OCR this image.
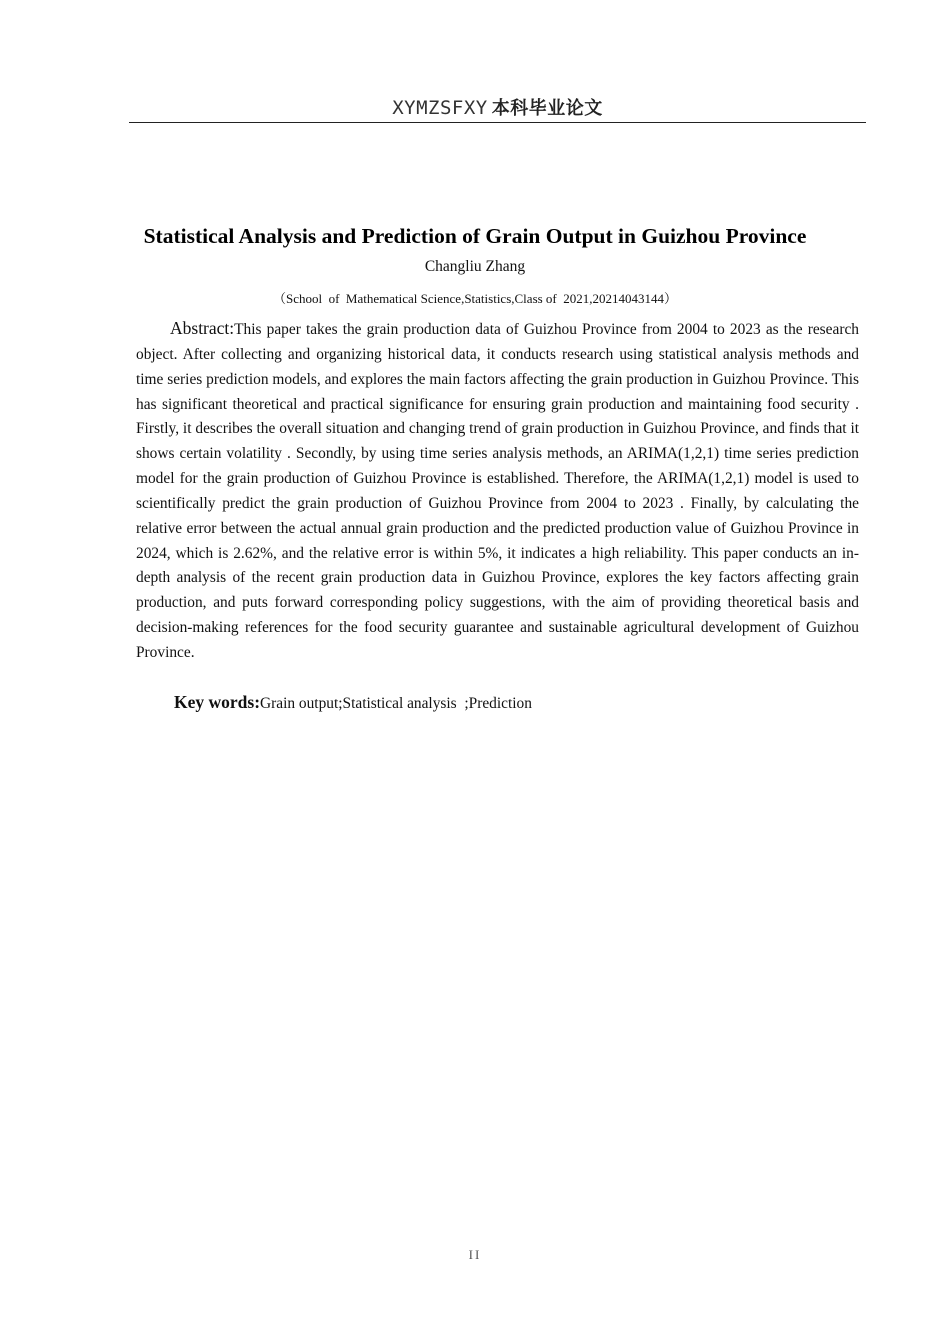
XYMZSFXY 本科毕业论文
Statistical Analysis and Prediction of Grain Output in Guizhou Province
Changliu Zhang
（School  of  Mathematical Science,Statistics,Class of  2021,20214043144）

Abstract:This paper takes the grain production data of Guizhou Province from 2004 to 2023 as the research object. After collecting and organizing historical data, it conducts research using statistical analysis methods and time series prediction models, and explores the main factors affecting the grain production in Guizhou Province. This has significant theoretical and practical significance for ensuring grain production and maintaining food security . Firstly, it describes the overall situation and changing trend of grain production in Guizhou Province, and finds that it shows certain volatility . Secondly, by using time series analysis methods, an ARIMA(1,2,1) time series prediction model for the grain production of Guizhou Province is established. Therefore, the ARIMA(1,2,1) model is used to scientifically predict the grain production of Guizhou Province from 2004 to 2023 . Finally, by calculating the relative error between the actual annual grain production and the predicted production value of Guizhou Province in 2024, which is 2.62%, and the relative error is within 5%, it indicates a high reliability. This paper conducts an in-depth analysis of the recent grain production data in Guizhou Province, explores the key factors affecting grain production, and puts forward corresponding policy suggestions, with the aim of providing theoretical basis and decision-making references for the food security guarantee and sustainable agricultural development of Guizhou Province.

Key words:Grain output;Statistical analysis  ;Prediction
II
